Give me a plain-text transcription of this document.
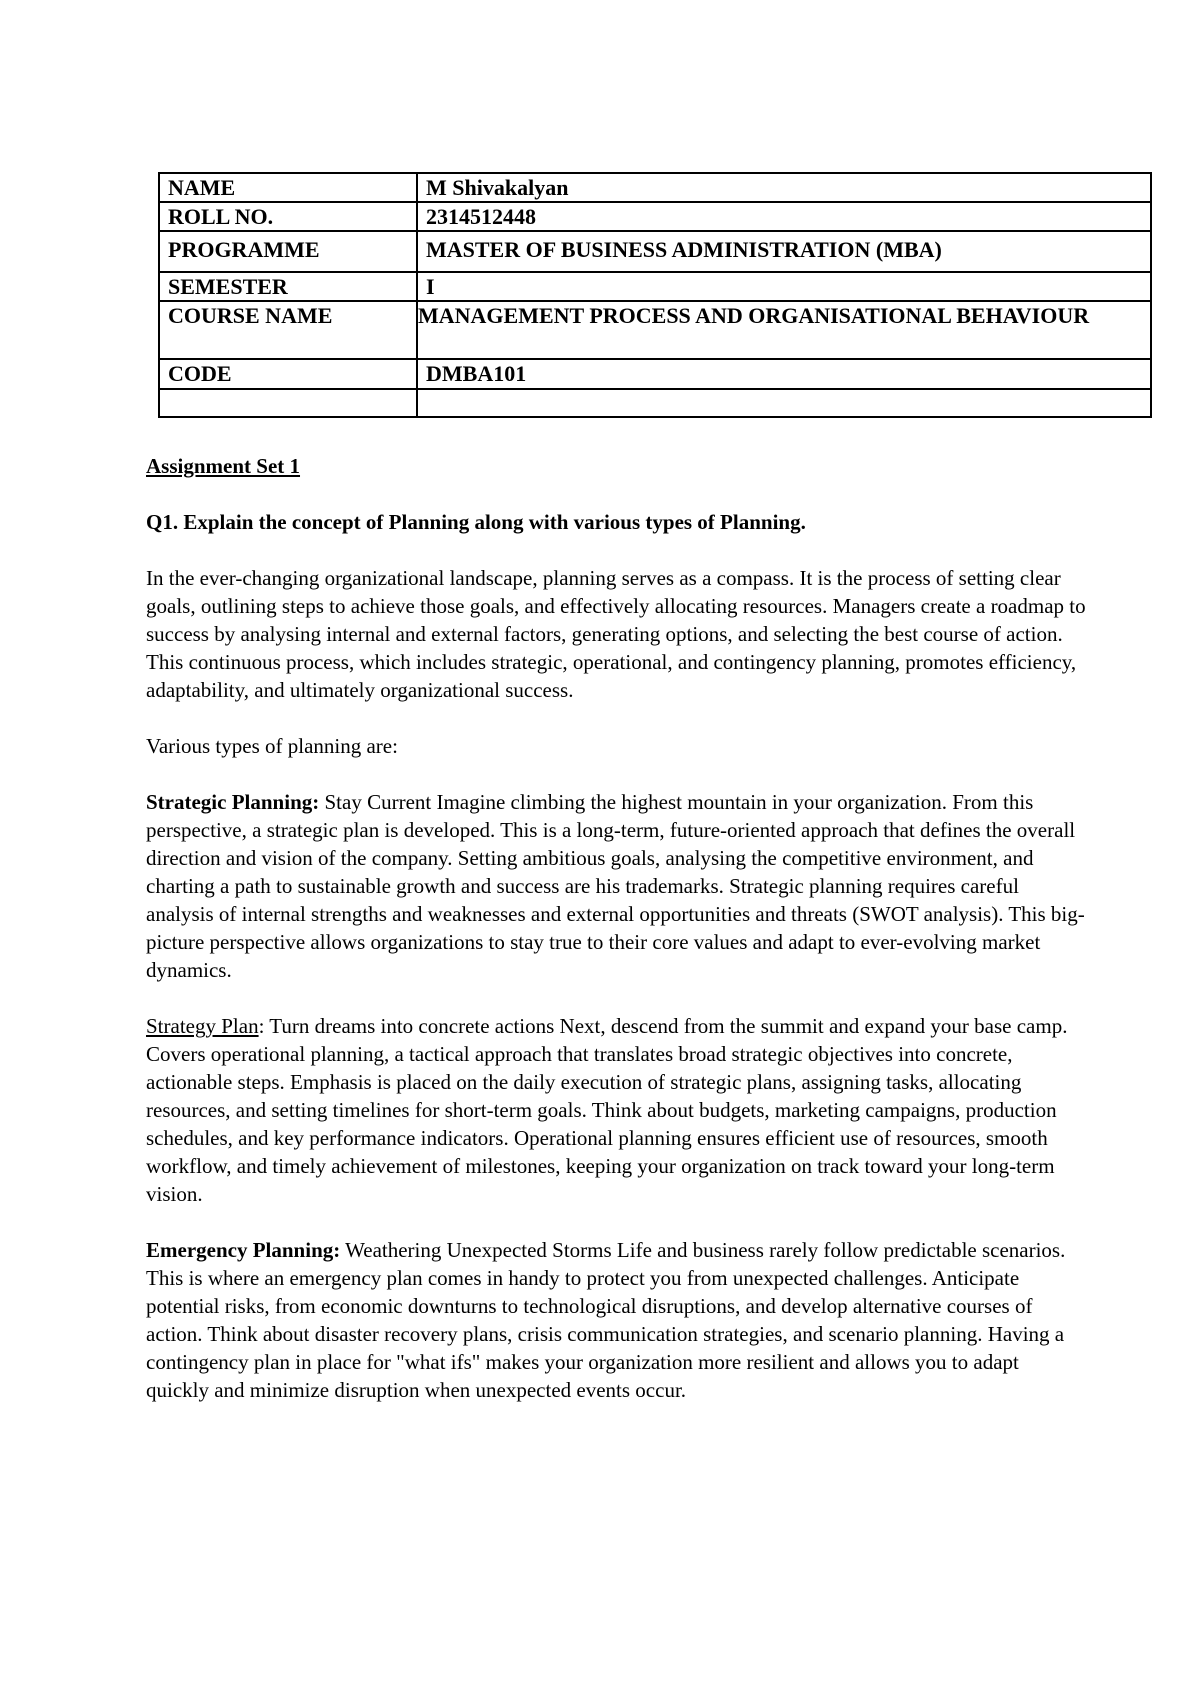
NAME	M Shivakalyan
ROLL NO.	2314512448
PROGRAMME	MASTER OF BUSINESS ADMINISTRATION (MBA)
SEMESTER	I
COURSE NAME	MANAGEMENT PROCESS AND ORGANISATIONAL BEHAVIOUR
CODE	DMBA101

Assignment Set 1

Q1. Explain the concept of Planning along with various types of Planning.

In the ever-changing organizational landscape, planning serves as a compass. It is the process of setting clear goals, outlining steps to achieve those goals, and effectively allocating resources. Managers create a roadmap to success by analysing internal and external factors, generating options, and selecting the best course of action. This continuous process, which includes strategic, operational, and contingency planning, promotes efficiency, adaptability, and ultimately organizational success.

Various types of planning are:

Strategic Planning: Stay Current Imagine climbing the highest mountain in your organization. From this perspective, a strategic plan is developed. This is a long-term, future-oriented approach that defines the overall direction and vision of the company. Setting ambitious goals, analysing the competitive environment, and charting a path to sustainable growth and success are his trademarks. Strategic planning requires careful analysis of internal strengths and weaknesses and external opportunities and threats (SWOT analysis). This big-picture perspective allows organizations to stay true to their core values and adapt to ever-evolving market dynamics.

Strategy Plan: Turn dreams into concrete actions Next, descend from the summit and expand your base camp. Covers operational planning, a tactical approach that translates broad strategic objectives into concrete, actionable steps. Emphasis is placed on the daily execution of strategic plans, assigning tasks, allocating resources, and setting timelines for short-term goals. Think about budgets, marketing campaigns, production schedules, and key performance indicators. Operational planning ensures efficient use of resources, smooth workflow, and timely achievement of milestones, keeping your organization on track toward your long-term vision.

Emergency Planning: Weathering Unexpected Storms Life and business rarely follow predictable scenarios. This is where an emergency plan comes in handy to protect you from unexpected challenges. Anticipate potential risks, from economic downturns to technological disruptions, and develop alternative courses of action. Think about disaster recovery plans, crisis communication strategies, and scenario planning. Having a contingency plan in place for "what ifs" makes your organization more resilient and allows you to adapt quickly and minimize disruption when unexpected events occur.
